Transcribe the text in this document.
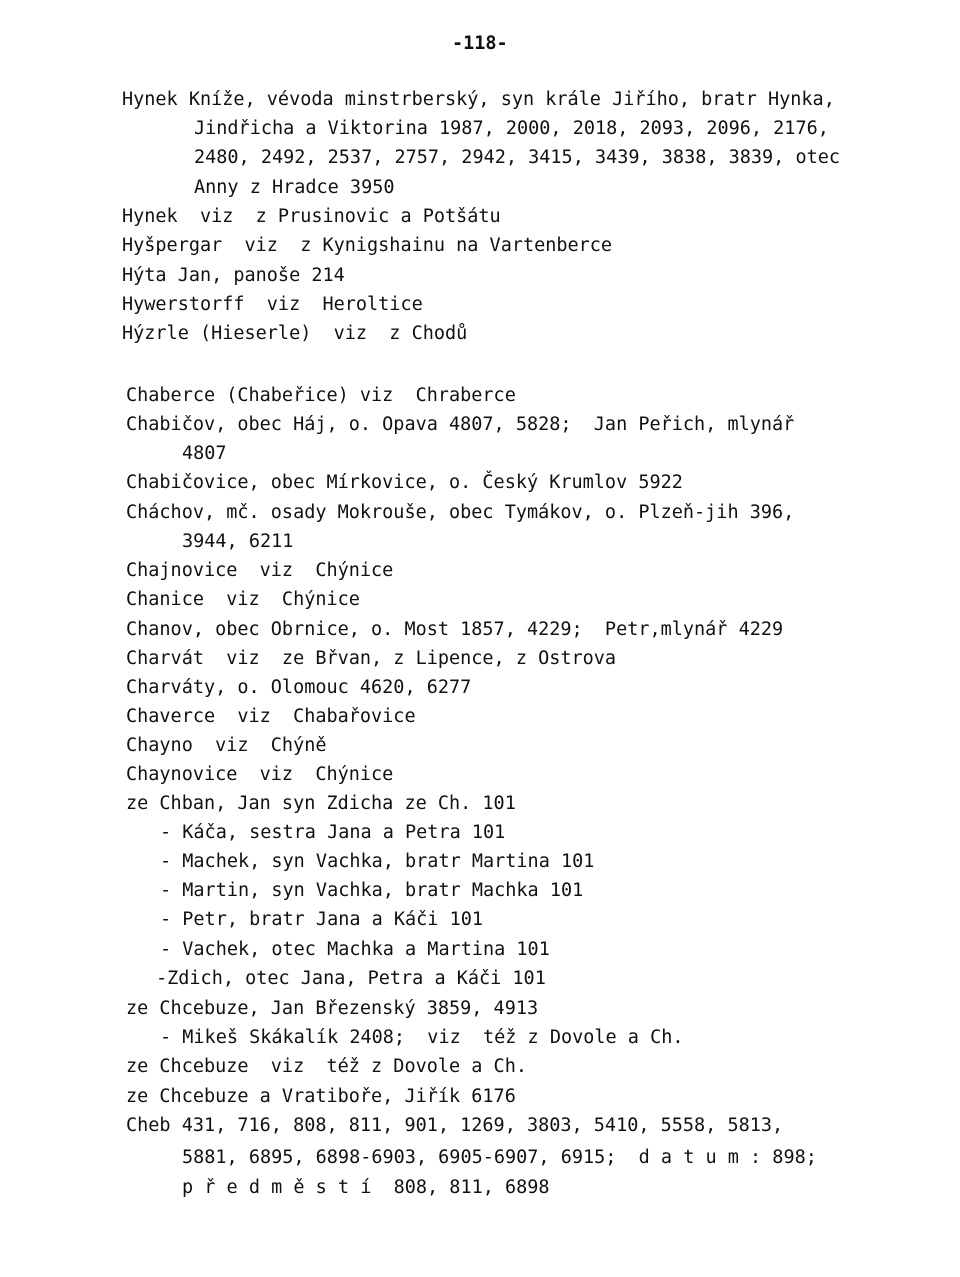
-118-

Hynek Kníže, vévoda minstrberský, syn krále Jiřího, bratr Hynka,

Jindřicha a Viktorina 1987, 2000, 2018, 2093, 2096, 2176,

2480, 2492, 2537, 2757, 2942, 3415, 3439, 3838, 3839, otec

Anny z Hradce 3950

Hynek  viz  z Prusinovic a Potšátu

Hyšpergar  viz  z Kynigshainu na Vartenberce

Hýta Jan, panoše 214

Hywerstorff  viz  Heroltice

Hýzrle (Hieserle)  viz  z Chodů

Chaberce (Chabeřice) viz  Chraberce

Chabičov, obec Háj, o. Opava 4807, 5828;  Jan Peřich, mlynář

4807

Chabičovice, obec Mírkovice, o. Český Krumlov 5922

Cháchov, mč. osady Mokrouše, obec Tymákov, o. Plzeň-jih 396,

3944, 6211

Chajnovice  viz  Chýnice

Chanice  viz  Chýnice

Chanov, obec Obrnice, o. Most 1857, 4229;  Petr,mlynář 4229

Charvát  viz  ze Břvan, z Lipence, z Ostrova

Charváty, o. Olomouc 4620, 6277

Chaverce  viz  Chabařovice

Chayno  viz  Chýně

Chaynovice  viz  Chýnice

ze Chban, Jan syn Zdicha ze Ch. 101

- Káča, sestra Jana a Petra 101

- Machek, syn Vachka, bratr Martina 101

- Martin, syn Vachka, bratr Machka 101

- Petr, bratr Jana a Káči 101

- Vachek, otec Machka a Martina 101

-Zdich, otec Jana, Petra a Káči 101

ze Chcebuze, Jan Březenský 3859, 4913

- Mikeš Skákalík 2408;  viz  též z Dovole a Ch.

ze Chcebuze  viz  též z Dovole a Ch.

ze Chcebuze a Vratiboře, Jiřík 6176

Cheb 431, 716, 808, 811, 901, 1269, 3803, 5410, 5558, 5813,

5881, 6895, 6898-6903, 6905-6907, 6915;  d a t u m : 898;

p ř e d m ě s t í  808, 811, 6898
